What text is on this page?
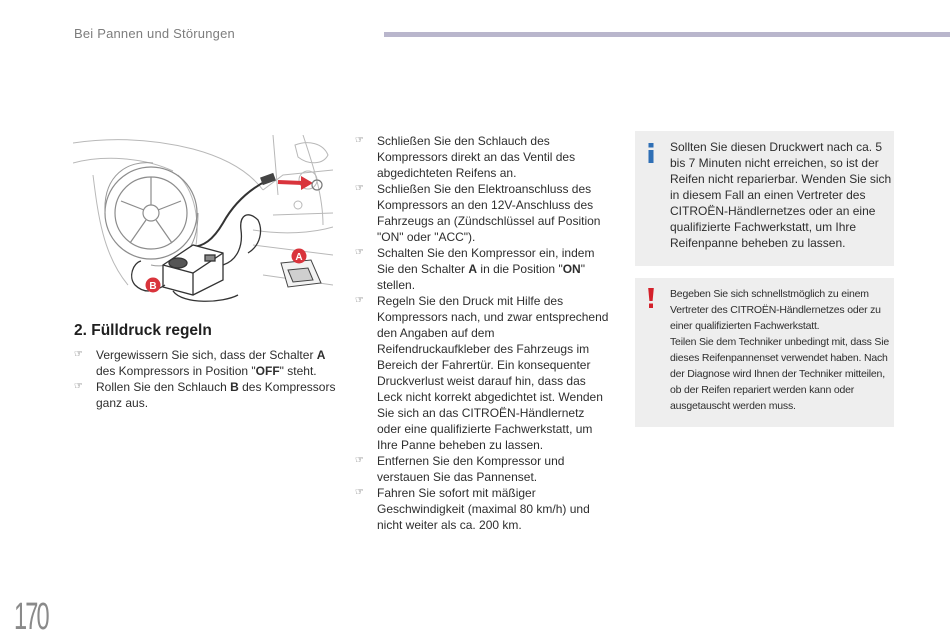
Bei Pannen und Störungen
A
B
2. Fülldruck regeln
☞ Vergewissern Sie sich, dass der Schalter A des Kompressors in Position "OFF" steht.
☞ Rollen Sie den Schlauch B des Kompressors ganz aus.
☞ Schließen Sie den Schlauch des Kompressors direkt an das Ventil des abgedichteten Reifens an.
☞ Schließen Sie den Elektroanschluss des Kompressors an den 12V-Anschluss des Fahrzeugs an (Zündschlüssel auf Position "ON" oder "ACC").
☞ Schalten Sie den Kompressor ein, indem Sie den Schalter A in die Position "ON" stellen.
☞ Regeln Sie den Druck mit Hilfe des Kompressors nach, und zwar entsprechend den Angaben auf dem Reifendruckaufkleber des Fahrzeugs im Bereich der Fahrertür. Ein konsequenter Druckverlust weist darauf hin, dass das Leck nicht korrekt abgedichtet ist. Wenden Sie sich an das CITROËN-Händlernetz oder eine qualifizierte Fachwerkstatt, um Ihre Panne beheben zu lassen.
☞ Entfernen Sie den Kompressor und verstauen Sie das Pannenset.
☞ Fahren Sie sofort mit mäßiger Geschwindigkeit (maximal 80 km/h) und nicht weiter als ca. 200 km.

Sollten Sie diesen Druckwert nach ca. 5 bis 7 Minuten nicht erreichen, so ist der Reifen nicht reparierbar. Wenden Sie sich in diesem Fall an einen Vertreter des CITROËN-Händlernetzes oder an eine qualifizierte Fachwerkstatt, um Ihre Reifenpanne beheben zu lassen.

Begeben Sie sich schnellstmöglich zu einem Vertreter des CITROËN-Händlernetzes oder zu einer qualifizierten Fachwerkstatt.

Teilen Sie dem Techniker unbedingt mit, dass Sie dieses Reifenpannenset verwendet haben. Nach der Diagnose wird Ihnen der Techniker mitteilen, ob der Reifen repariert werden kann oder ausgetauscht werden muss.

170
